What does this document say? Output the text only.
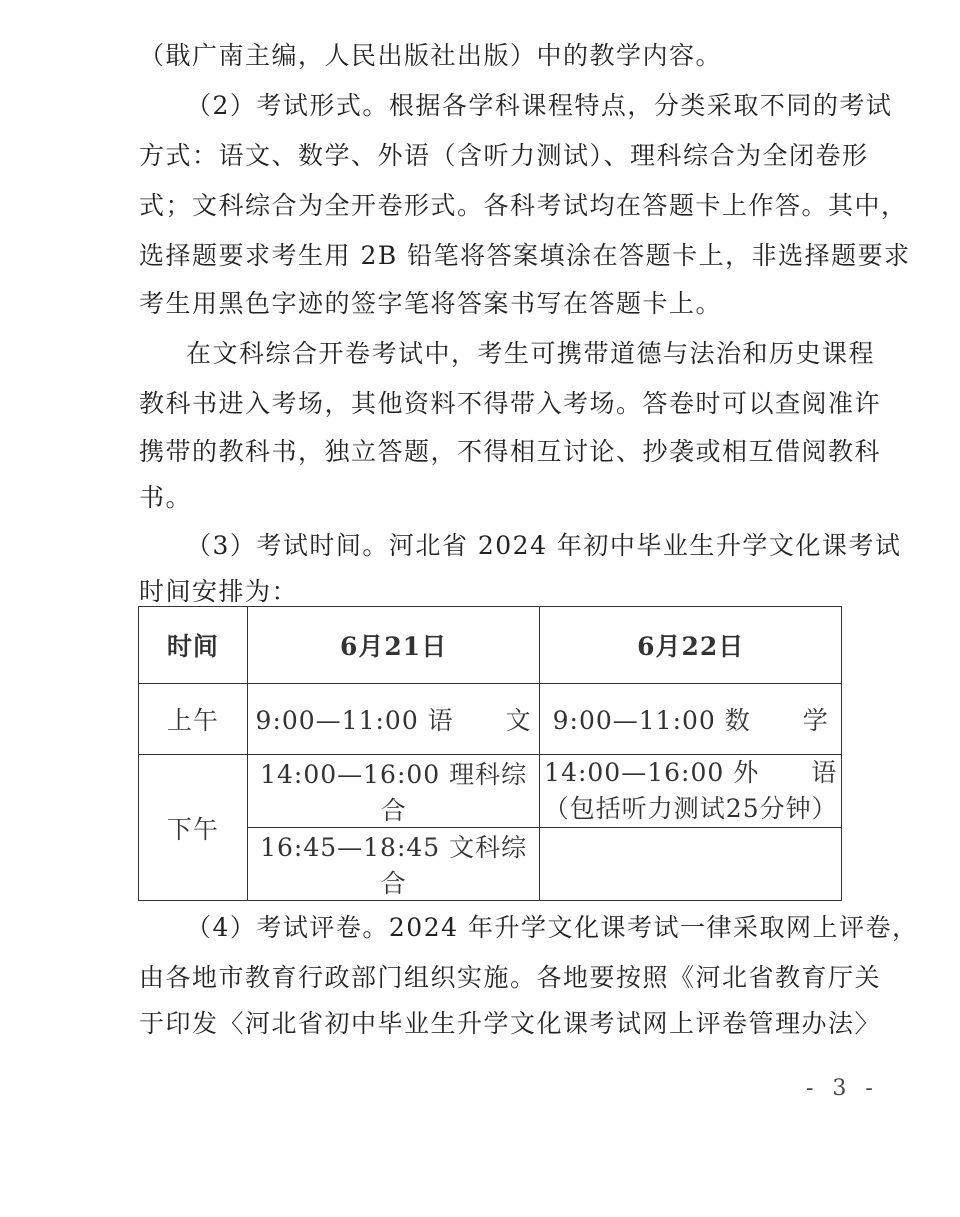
（戢广南主编，人民出版社出版）中的教学内容。
（2）考试形式。根据各学科课程特点，分类采取不同的考试
方式：语文、数学、外语（含听力测试）、理科综合为全闭卷形
式；文科综合为全开卷形式。各科考试均在答题卡上作答。其中，
选择题要求考生用 2B 铅笔将答案填涂在答题卡上，非选择题要求
考生用黑色字迹的签字笔将答案书写在答题卡上。
在文科综合开卷考试中，考生可携带道德与法治和历史课程
教科书进入考场，其他资料不得带入考场。答卷时可以查阅准许
携带的教科书，独立答题，不得相互讨论、抄袭或相互借阅教科
书。
（3）考试时间。河北省 2024 年初中毕业生升学文化课考试
时间安排为：
时间	6月21日	6月22日
上午	9:00—11:00 语　　文	9:00—11:00 数　　学
下午	14:00—16:00 理科综合	14:00—16:00 外　　语
（包括听力测试25分钟）

	16:45—18:45 文科综合	
（4）考试评卷。2024 年升学文化课考试一律采取网上评卷，
由各地市教育行政部门组织实施。各地要按照《河北省教育厅关
于印发〈河北省初中毕业生升学文化课考试网上评卷管理办法〉
- 3 -
